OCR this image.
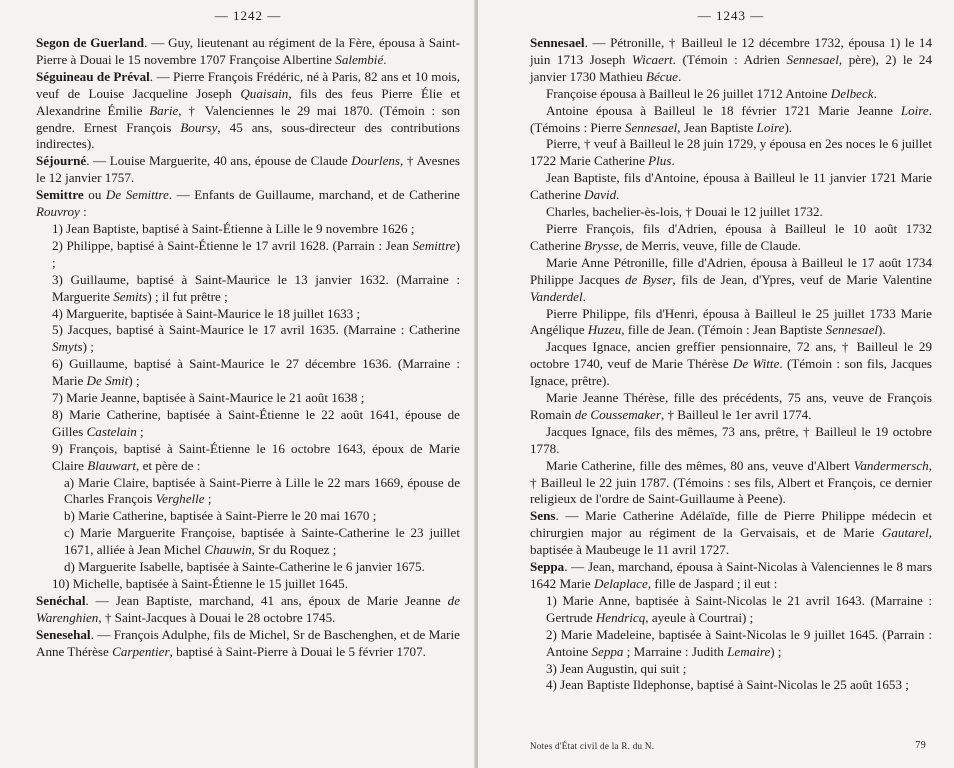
— 1242 —

Segon de Guerland. — Guy, lieutenant au régiment de la Fère, épousa à Saint-Pierre à Douai le 15 novembre 1707 Françoise Albertine Salembié.

Séguineau de Préval. — Pierre François Frédéric, né à Paris, 82 ans et 10 mois, veuf de Louise Jacqueline Joseph Quaisain, fils des feus Pierre Élie et Alexandrine Émilie Barie, † Valenciennes le 29 mai 1870. (Témoin : son gendre. Ernest François Boursy, 45 ans, sous-directeur des contributions indirectes).

Séjourné. — Louise Marguerite, 40 ans, épouse de Claude Dourlens, † Avesnes le 12 janvier 1757.

Semittre ou De Semittre. — Enfants de Guillaume, marchand, et de Catherine Rouvroy :

1) Jean Baptiste, baptisé à Saint-Étienne à Lille le 9 novembre 1626 ;

2) Philippe, baptisé à Saint-Étienne le 17 avril 1628. (Parrain : Jean Semittre) ;

3) Guillaume, baptisé à Saint-Maurice le 13 janvier 1632. (Marraine : Marguerite Semits) ; il fut prêtre ;

4) Marguerite, baptisée à Saint-Maurice le 18 juillet 1633 ;

5) Jacques, baptisé à Saint-Maurice le 17 avril 1635. (Marraine : Catherine Smyts) ;

6) Guillaume, baptisé à Saint-Maurice le 27 décembre 1636. (Marraine : Marie De Smit) ;

7) Marie Jeanne, baptisée à Saint-Maurice le 21 août 1638 ;

8) Marie Catherine, baptisée à Saint-Étienne le 22 août 1641, épouse de Gilles Castelain ;

9) François, baptisé à Saint-Étienne le 16 octobre 1643, époux de Marie Claire Blauwart, et père de :

a) Marie Claire, baptisée à Saint-Pierre à Lille le 22 mars 1669, épouse de Charles François Verghelle ;

b) Marie Catherine, baptisée à Saint-Pierre le 20 mai 1670 ;

c) Marie Marguerite Françoise, baptisée à Sainte-Catherine le 23 juillet 1671, alliée à Jean Michel Chauwin, Sr du Roquez ;

d) Marguerite Isabelle, baptisée à Sainte-Catherine le 6 janvier 1675.

10) Michelle, baptisée à Saint-Étienne le 15 juillet 1645.

Senéchal. — Jean Baptiste, marchand, 41 ans, époux de Marie Jeanne de Warenghien, † Saint-Jacques à Douai le 28 octobre 1745.

Senesehal. — François Adulphe, fils de Michel, Sr de Baschenghen, et de Marie Anne Thérèse Carpentier, baptisé à Saint-Pierre à Douai le 5 février 1707.

— 1243 —

Sennesael. — Pétronille, † Bailleul le 12 décembre 1732, épousa 1) le 14 juin 1713 Joseph Wicaert. (Témoin : Adrien Sennesael, père), 2) le 24 janvier 1730 Mathieu Bécue.

Françoise épousa à Bailleul le 26 juillet 1712 Antoine Delbeck.

Antoine épousa à Bailleul le 18 février 1721 Marie Jeanne Loire. (Témoins : Pierre Sennesael, Jean Baptiste Loire).

Pierre, † veuf à Bailleul le 28 juin 1729, y épousa en 2es noces le 6 juillet 1722 Marie Catherine Plus.

Jean Baptiste, fils d'Antoine, épousa à Bailleul le 11 janvier 1721 Marie Catherine David.

Charles, bachelier-ès-lois, † Douai le 12 juillet 1732.

Pierre François, fils d'Adrien, épousa à Bailleul le 10 août 1732 Catherine Brysse, de Merris, veuve, fille de Claude.

Marie Anne Pétronille, fille d'Adrien, épousa à Bailleul le 17 août 1734 Philippe Jacques de Byser, fils de Jean, d'Ypres, veuf de Marie Valentine Vanderdel.

Pierre Philippe, fils d'Henri, épousa à Bailleul le 25 juillet 1733 Marie Angélique Huzeu, fille de Jean. (Témoin : Jean Baptiste Sennesael).

Jacques Ignace, ancien greffier pensionnaire, 72 ans, † Bailleul le 29 octobre 1740, veuf de Marie Thérèse De Witte. (Témoin : son fils, Jacques Ignace, prêtre).

Marie Jeanne Thérèse, fille des précédents, 75 ans, veuve de François Romain de Coussemaker, † Bailleul le 1er avril 1774.

Jacques Ignace, fils des mêmes, 73 ans, prêtre, † Bailleul le 19 octobre 1778.

Marie Catherine, fille des mêmes, 80 ans, veuve d'Albert Vandermersch, † Bailleul le 22 juin 1787. (Témoins : ses fils, Albert et François, ce dernier religieux de l'ordre de Saint-Guillaume à Peene).

Sens. — Marie Catherine Adélaïde, fille de Pierre Philippe médecin et chirurgien major au régiment de la Gervaisais, et de Marie Gautarel, baptisée à Maubeuge le 11 avril 1727.

Seppa. — Jean, marchand, épousa à Saint-Nicolas à Valenciennes le 8 mars 1642 Marie Delaplace, fille de Jaspard ; il eut :

1) Marie Anne, baptisée à Saint-Nicolas le 21 avril 1643. (Marraine : Gertrude Hendricq, ayeule à Courtrai) ;

2) Marie Madeleine, baptisée à Saint-Nicolas le 9 juillet 1645. (Parrain : Antoine Seppa ; Marraine : Judith Lemaire) ;

3) Jean Augustin, qui suit ;

4) Jean Baptiste Ildephonse, baptisé à Saint-Nicolas le 25 août 1653 ;

Notes d'État civil de la R. du N.	79
